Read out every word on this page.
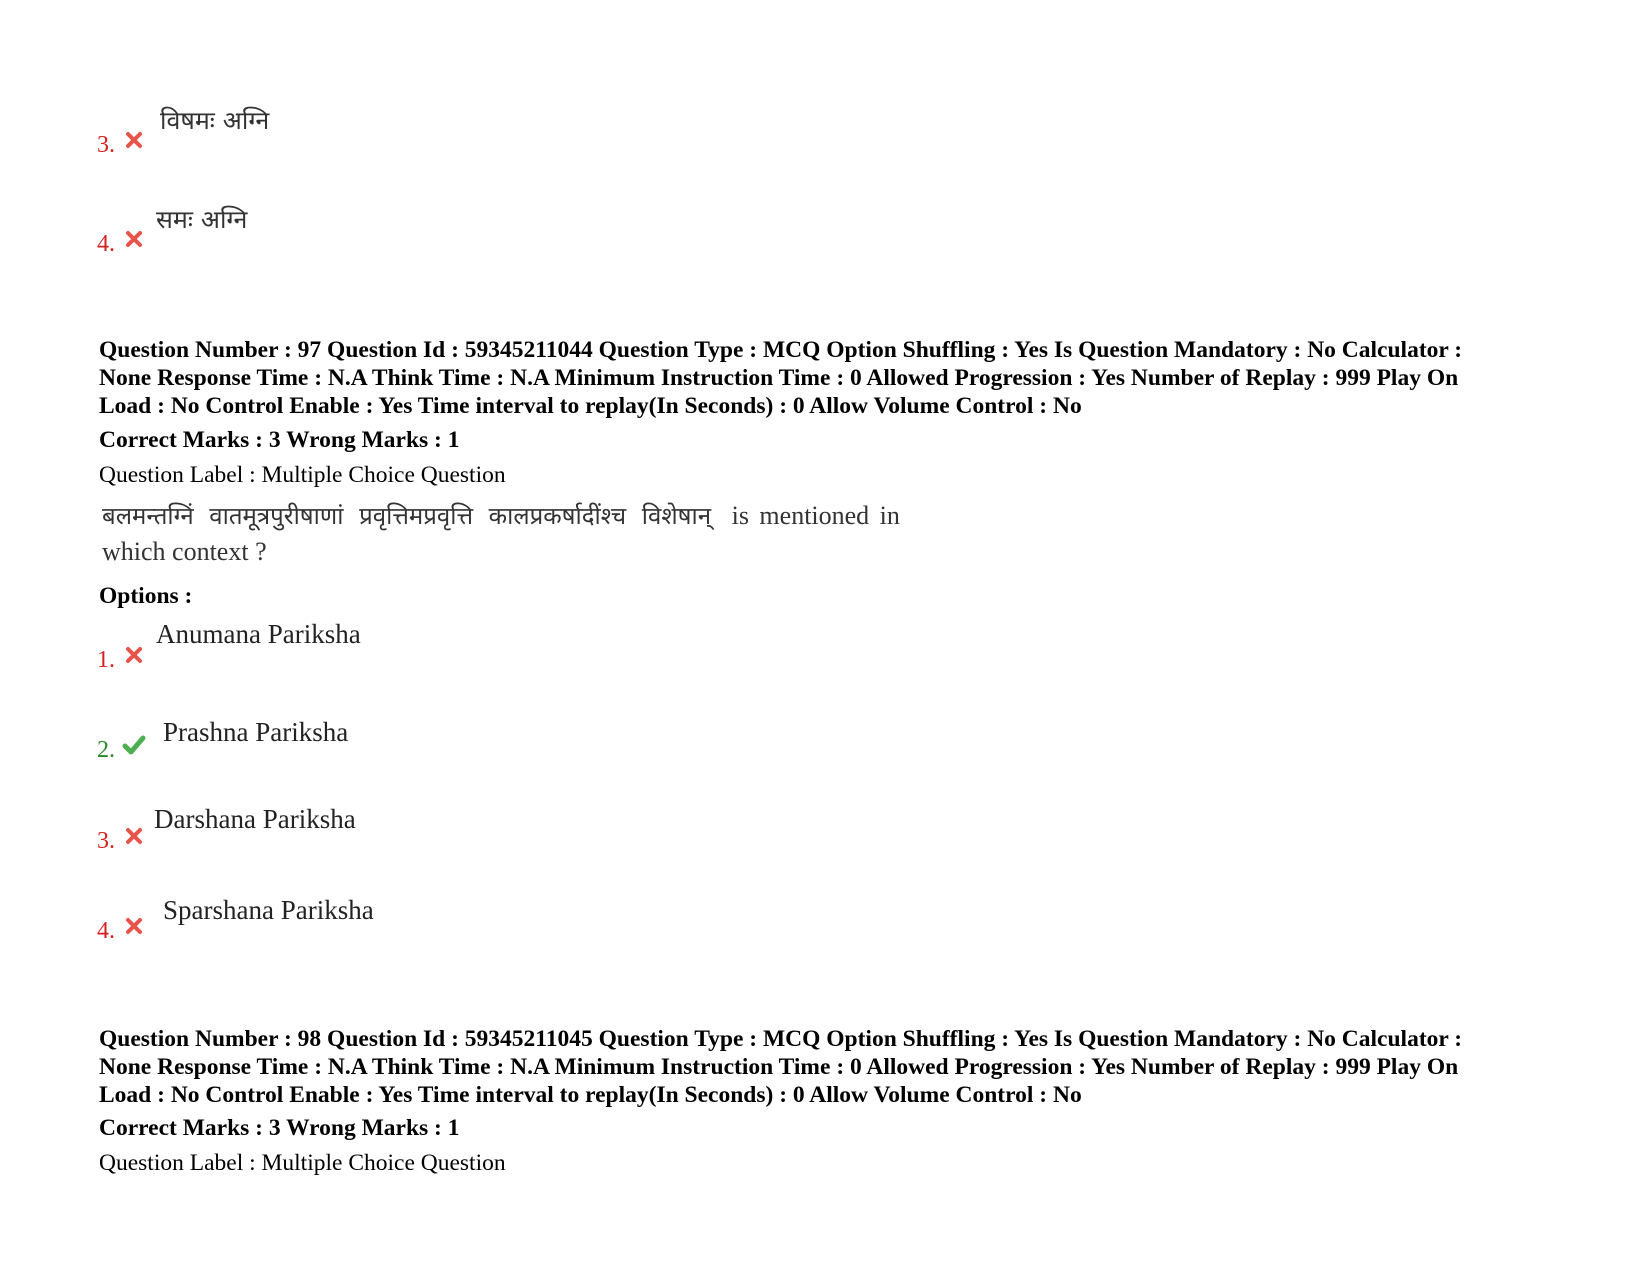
3.
विषमः अग्नि
4.
समः अग्नि
Question Number : 97 Question Id : 59345211044 Question Type : MCQ Option Shuffling : Yes Is Question Mandatory : No Calculator :
None Response Time : N.A Think Time : N.A Minimum Instruction Time : 0 Allowed Progression : Yes Number of Replay : 999 Play On
Load : No Control Enable : Yes Time interval to replay(In Seconds) : 0 Allow Volume Control : No
Correct Marks : 3 Wrong Marks : 1
Question Label : Multiple Choice Question
बलमन्तग्निं वातमूत्रपुरीषाणां प्रवृत्तिमप्रवृत्ति कालप्रकर्षादींश्च विशेषान् is mentioned in
which context ?
Options :
1.
Anumana Pariksha
2.
Prashna Pariksha
3.
Darshana Pariksha
4.
Sparshana Pariksha
Question Number : 98 Question Id : 59345211045 Question Type : MCQ Option Shuffling : Yes Is Question Mandatory : No Calculator :
None Response Time : N.A Think Time : N.A Minimum Instruction Time : 0 Allowed Progression : Yes Number of Replay : 999 Play On
Load : No Control Enable : Yes Time interval to replay(In Seconds) : 0 Allow Volume Control : No
Correct Marks : 3 Wrong Marks : 1
Question Label : Multiple Choice Question
